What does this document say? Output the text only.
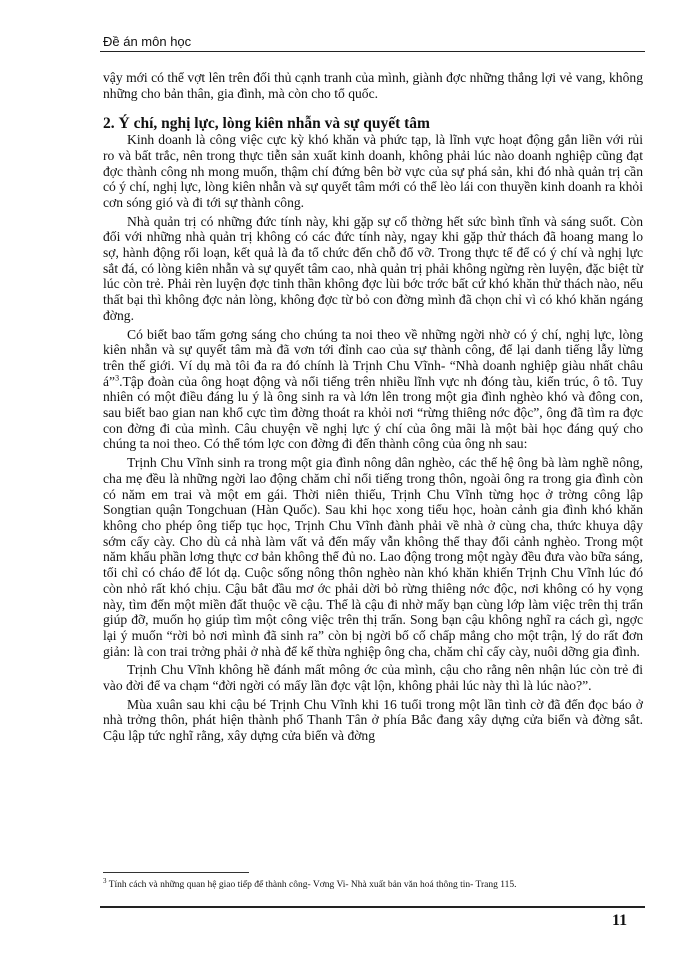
Đề án môn học

vậy mới có thể vợt lên trên đối thủ cạnh tranh của mình, giành đợc những thắng lợi vẻ vang, không những cho bản thân, gia đình, mà còn cho tổ quốc.

2. Ý chí, nghị lực, lòng kiên nhẫn và sự quyết tâm

Kinh doanh là công việc cực kỳ khó khăn và phức tạp, là lĩnh vực hoạt động gắn liền với rủi ro và bất trắc, nên trong thực tiễn sản xuất kinh doanh, không phải lúc nào doanh nghiệp cũng đạt đợc thành công nh mong muốn, thậm chí đứng bên bờ vực của sự phá sản, khi đó nhà quản trị cần có ý chí, nghị lực, lòng kiên nhẫn và sự quyết tâm mới có thể lèo lái con thuyền kinh doanh ra khỏi cơn sóng gió và đi tới sự thành công.

Nhà quản trị có những đức tính này, khi gặp sự cố thờng hết sức bình tĩnh và sáng suốt. Còn đối với những nhà quản trị không có các đức tính này, ngay khi gặp thử thách đã hoang mang lo sợ, hành động rối loạn, kết quả là đa tổ chức đến chỗ đổ vỡ. Trong thực tế để có ý chí và nghị lực sắt đá, có lòng kiên nhẫn và sự quyết tâm cao, nhà quản trị phải không ngừng rèn luyện, đặc biệt từ lúc còn trẻ. Phải rèn luyện đợc tinh thần không đợc lùi bớc trớc bất cứ khó khăn thử thách nào, nếu thất bại thì không đợc nản lòng, không đợc từ bỏ con đờng mình đã chọn chỉ vì có khó khăn ngáng đờng.

Có biết bao tấm gơng sáng cho chúng ta noi theo về những ngời nhờ có ý chí, nghị lực, lòng kiên nhẫn và sự quyết tâm mà đã vơn tới đỉnh cao của sự thành công, để lại danh tiếng lẫy lừng trên thế giới. Ví dụ mà tôi đa ra đó chính là Trịnh Chu Vĩnh- “Nhà doanh nghiệp giàu nhất châu á”$^3$.Tập đoàn của ông hoạt động và nổi tiếng trên nhiều lĩnh vực nh đóng tàu, kiến trúc, ô tô. Tuy nhiên có một điều đáng lu ý là ông sinh ra và lớn lên trong một gia đình nghèo khó và đông con, sau biết bao gian nan khổ cực tìm đờng thoát ra khỏi nơi “rừng thiêng nớc độc”, ông đã tìm ra đợc con đờng đi của mình. Câu chuyện về nghị lực ý chí của ông mãi là một bài học đáng quý cho chúng ta noi theo. Có thể tóm lợc con đờng đi đến thành công của ông nh sau:

Trịnh Chu Vĩnh sinh ra trong một gia đình nông dân nghèo, các thế hệ ông bà làm nghề nông, cha mẹ đều là những ngời lao động chăm chỉ nổi tiếng trong thôn, ngoài ông ra trong gia đình còn có năm em trai và một em gái. Thời niên thiếu, Trịnh Chu Vĩnh từng học ở trờng công lập Songtian quận Tongchuan (Hàn Quốc). Sau khi học xong tiểu học, hoàn cảnh gia đình khó khăn không cho phép ông tiếp tục học, Trịnh Chu Vĩnh đành phải về nhà ở cùng cha, thức khuya dậy sớm cấy cày. Cho dù cả nhà làm vất vả đến mấy vẫn không thể thay đổi cảnh nghèo. Trong một năm khẩu phần lơng thực cơ bản không thể đủ no. Lao động trong một ngày đều đưa vào bữa sáng, tối chỉ có cháo để lót dạ. Cuộc sống nông thôn nghèo nàn khó khăn khiến Trịnh Chu Vĩnh lúc đó còn nhỏ rất khó chịu. Cậu bắt đầu mơ ớc phải dời bỏ rừng thiêng nớc độc, nơi không có hy vọng này, tìm đến một miền đất thuộc về cậu. Thế là cậu đi nhờ mấy bạn cùng lớp làm việc trên thị trấn giúp đỡ, muốn họ giúp tìm một công việc trên thị trấn. Song bạn cậu không nghĩ ra cách gì, ngợc lại ý muốn “rời bỏ nơi mình đã sinh ra” còn bị ngời bố cố chấp mắng cho một trận, lý do rất đơn giản: là con trai trởng phải ở nhà để kế thừa nghiệp ông cha, chăm chỉ cấy cày, nuôi dỡng gia đình.

Trịnh Chu Vĩnh không hề đánh mất mông ớc của mình, cậu cho rằng nên nhận lúc còn trẻ đi vào đời để va chạm “đời ngời có mấy lần đợc vật lộn, không phải lúc này thì là lúc nào?”.

Mùa xuân sau khi cậu bé Trịnh Chu Vĩnh khi 16 tuổi trong một lần tình cờ đã đến đọc báo ở nhà trởng thôn, phát hiện thành phố Thanh Tân ở phía Bắc đang xây dựng cửa biển và đờng sắt. Cậu lập tức nghĩ rằng, xây dựng cửa biển và đờng

$^3$ Tính cách và những quan hệ giao tiếp để thành công- Vơng Vi- Nhà xuất bản văn hoá thông tin- Trang 115.
11
